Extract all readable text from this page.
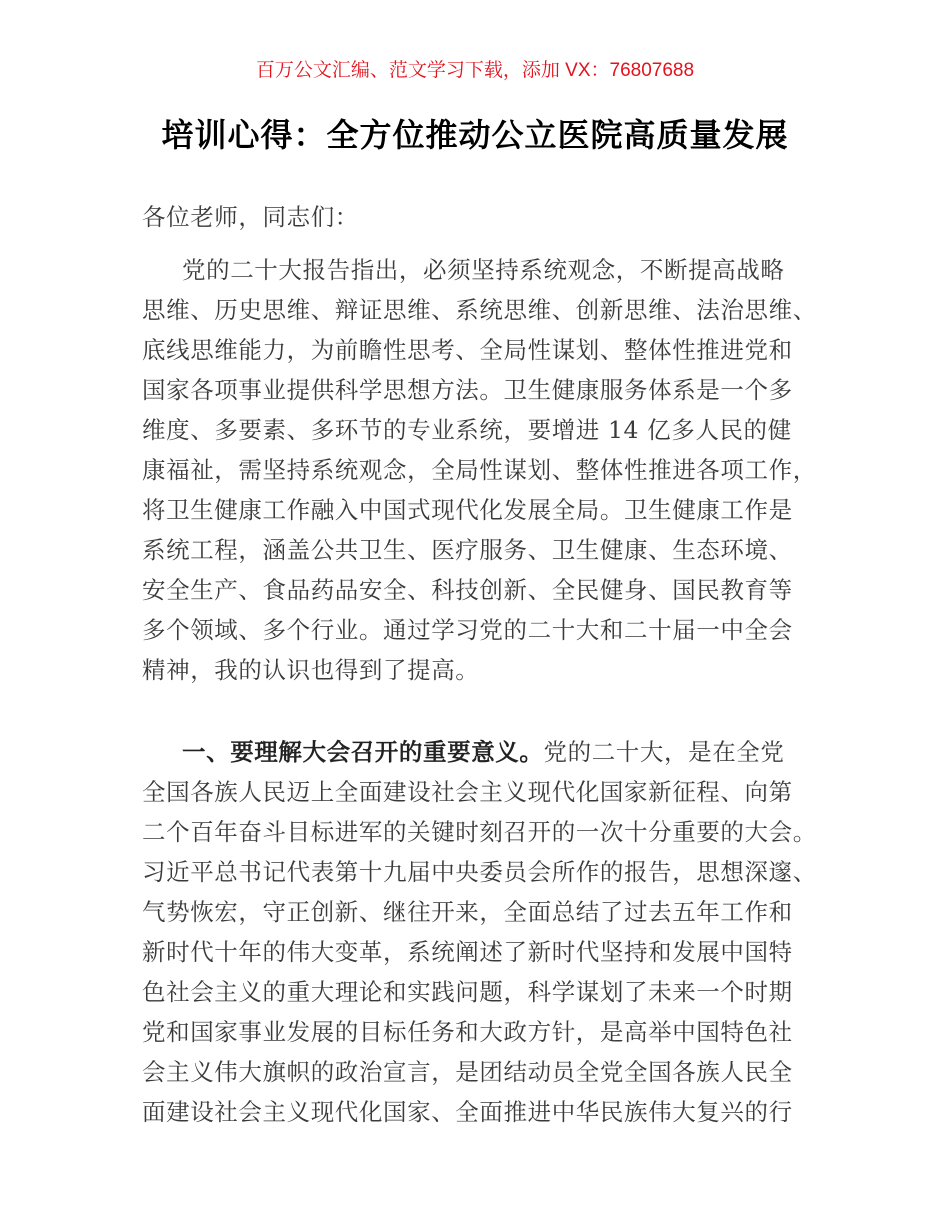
百万公文汇编、范文学习下载，添加 VX：76807688
培训心得：全方位推动公立医院高质量发展
各位老师，同志们：
党的二十大报告指出，必须坚持系统观念，不断提高战略
思维、历史思维、辩证思维、系统思维、创新思维、法治思维、
底线思维能力，为前瞻性思考、全局性谋划、整体性推进党和
国家各项事业提供科学思想方法。卫生健康服务体系是一个多
维度、多要素、多环节的专业系统，要增进 14 亿多人民的健
康福祉，需坚持系统观念，全局性谋划、整体性推进各项工作，
将卫生健康工作融入中国式现代化发展全局。卫生健康工作是
系统工程，涵盖公共卫生、医疗服务、卫生健康、生态环境、
安全生产、食品药品安全、科技创新、全民健身、国民教育等
多个领域、多个行业。通过学习党的二十大和二十届一中全会
精神，我的认识也得到了提高。
一、要理解大会召开的重要意义。党的二十大，是在全党
全国各族人民迈上全面建设社会主义现代化国家新征程、向第
二个百年奋斗目标进军的关键时刻召开的一次十分重要的大会。
习近平总书记代表第十九届中央委员会所作的报告，思想深邃、
气势恢宏，守正创新、继往开来，全面总结了过去五年工作和
新时代十年的伟大变革，系统阐述了新时代坚持和发展中国特
色社会主义的重大理论和实践问题，科学谋划了未来一个时期
党和国家事业发展的目标任务和大政方针，是高举中国特色社
会主义伟大旗帜的政治宣言，是团结动员全党全国各族人民全
面建设社会主义现代化国家、全面推进中华民族伟大复兴的行
